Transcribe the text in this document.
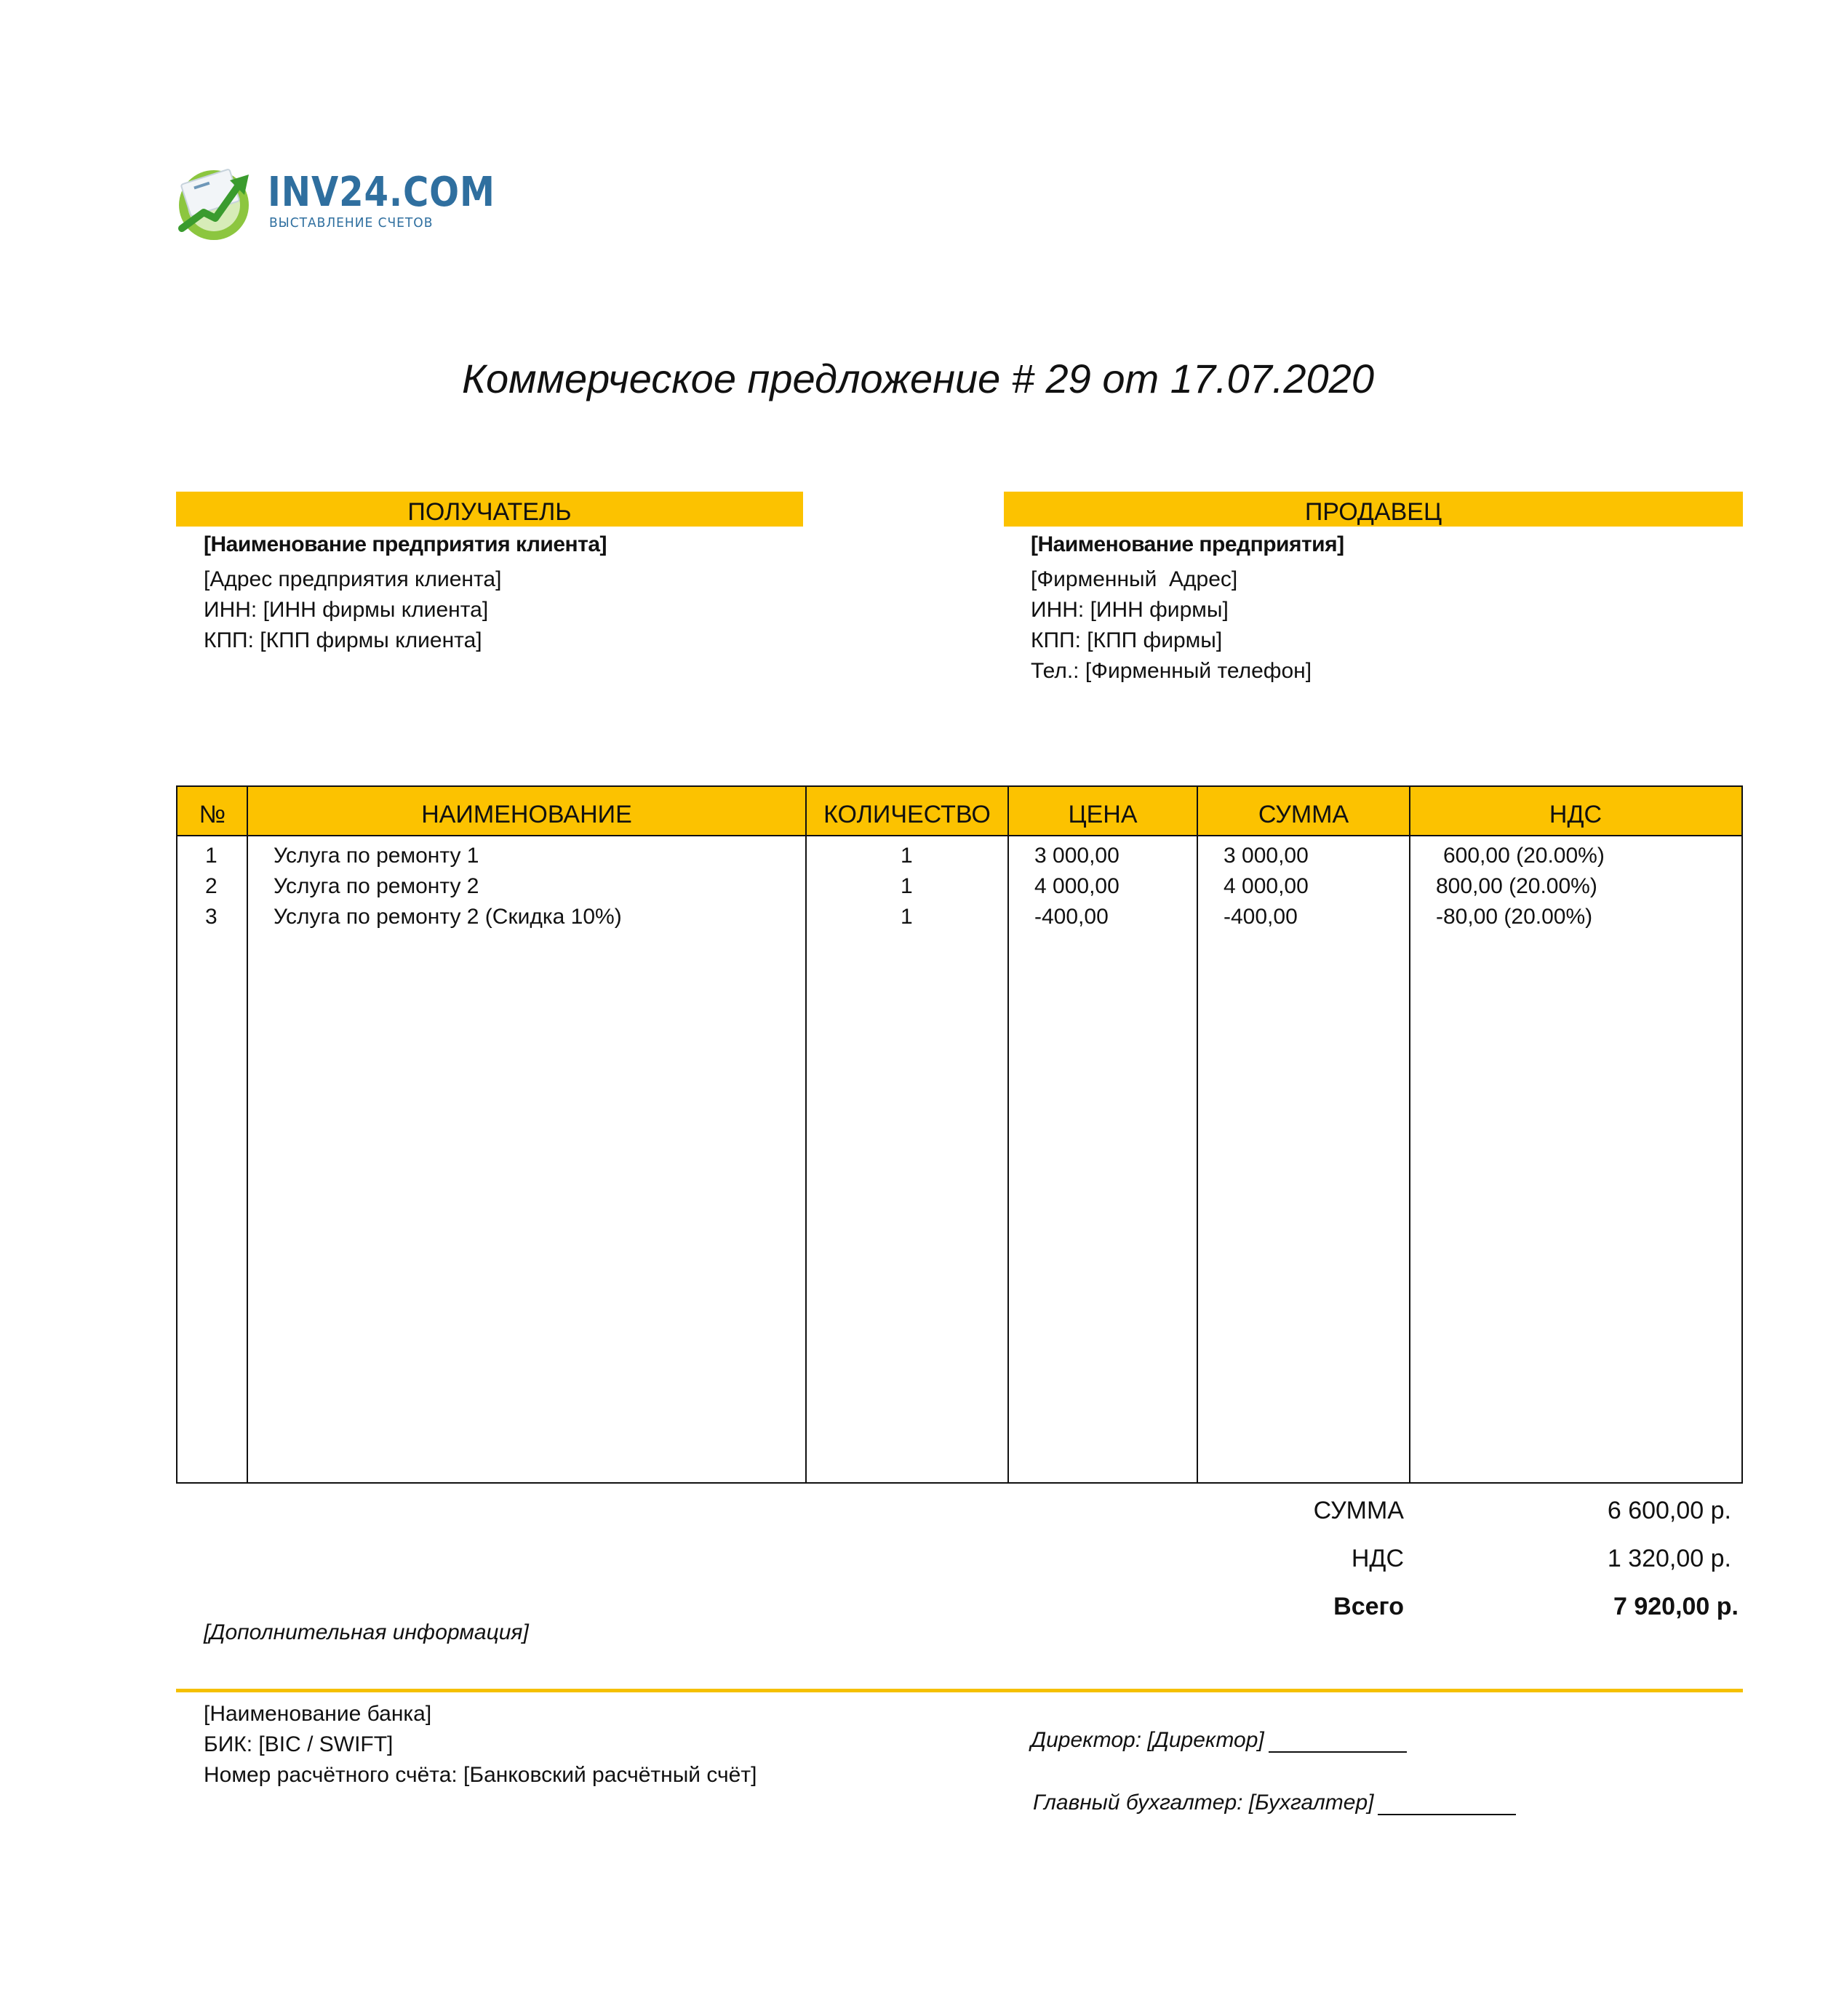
INV24.COM
ВЫСТАВЛЕНИЕ СЧЕТОВ
Коммерческое предложение # 29 от 17.07.2020
ПОЛУЧАТЕЛЬ
[Наименование предприятия клиента]
[Адрес предприятия клиента]
ИНН: [ИНН фирмы клиента]
КПП: [КПП фирмы клиента]
ПРОДАВЕЦ
[Наименование предприятия]
[Фирменный  Адрес]
ИНН: [ИНН фирмы]
КПП: [КПП фирмы]
Тел.: [Фирменный телефон]
№	НАИМЕНОВАНИЕ	КОЛИЧЕСТВО	ЦЕНА	СУММА	НДС
1	Услуга по ремонту 1	1	3 000,00	3 000,00	600,00 (20.00%)
2	Услуга по ремонту 2	1	4 000,00	4 000,00	800,00 (20.00%)
3	Услуга по ремонту 2 (Скидка 10%)	1	-400,00	-400,00	-80,00 (20.00%)
СУММА	6 600,00 р.
НДС	1 320,00 р.
Всего	7 920,00 р.
[Дополнительная информация]
[Наименование банка]
БИК: [BIC / SWIFT]
Номер расчётного счёта: [Банковский расчётный счёт]
Директор: [Директор]
Главный бухгалтер: [Бухгалтер]
